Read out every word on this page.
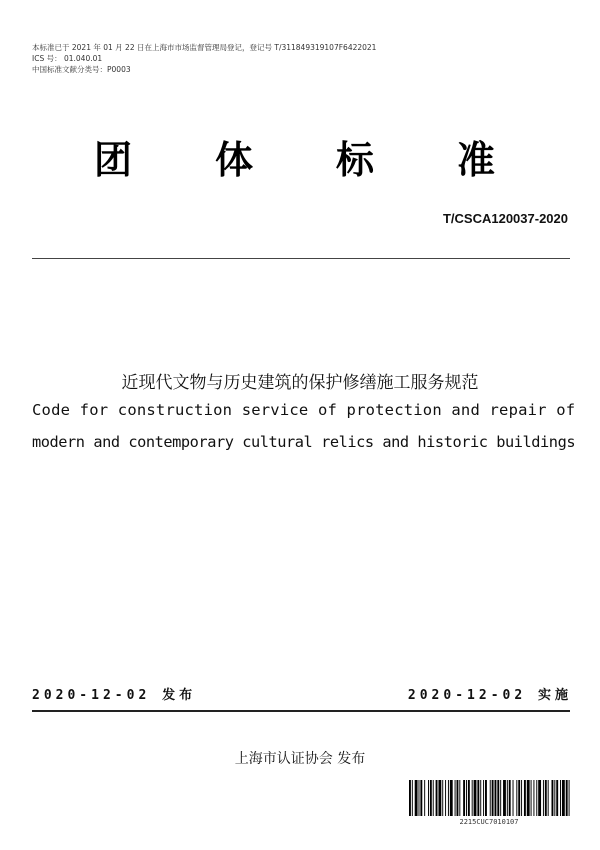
本标准已于 2021 年 01 月 22 日在上海市市场监督管理局登记，登记号 T/311849319107F6422021
ICS 号： 01.040.01
中国标准文献分类号：P0003
团 体 标 准
T/CSCA120037-2020
近现代文物与历史建筑的保护修缮施工服务规范
Code for construction service of protection and repair of
modern and contemporary cultural relics and historic buildings
2020-12-02 发布	2020-12-02 实施
上海市认证协会 发布
2215CUC7010107
